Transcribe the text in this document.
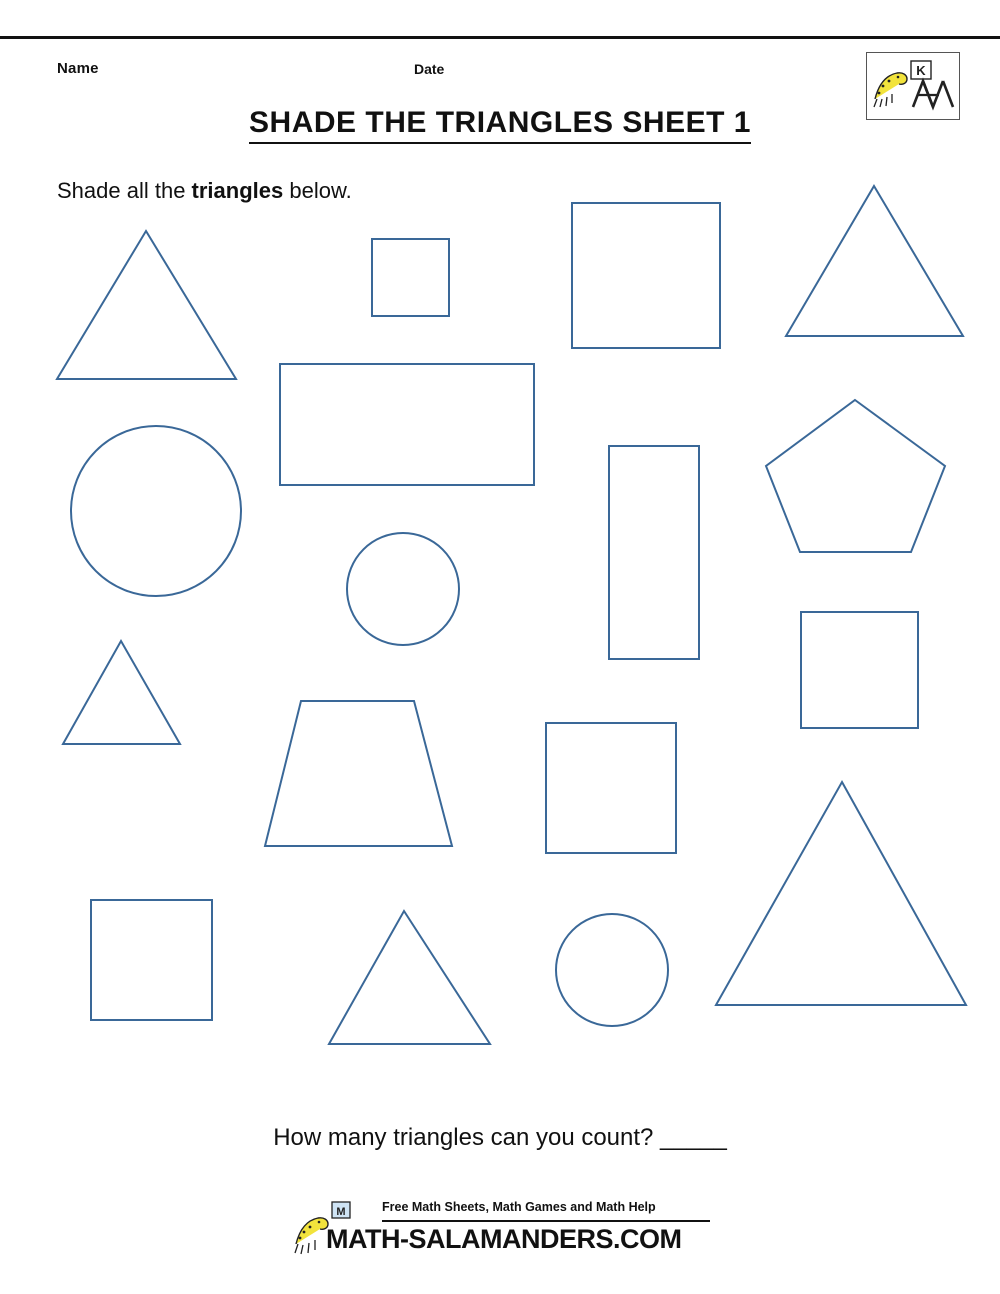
Name	Date	K
SHADE THE TRIANGLES SHEET 1
Shade all the triangles below.
How many triangles can you count? _____
M	Free Math Sheets, Math Games and Math Help
MATH-SALAMANDERS.COM
